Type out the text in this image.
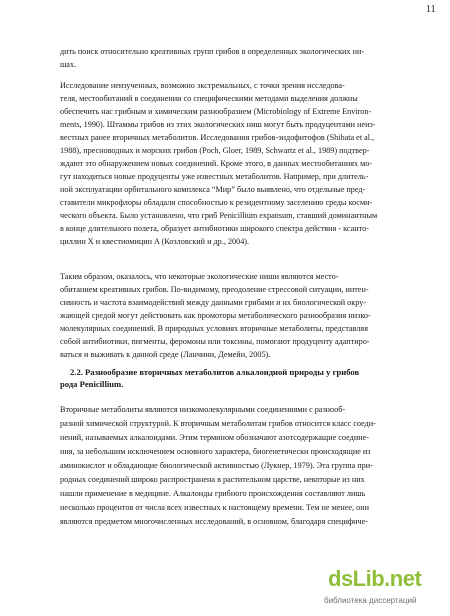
11
дить поиск относительно креативных групп грибов в определенных экологических ни-
шах.
Исследование неизученных, возможно экстремальных, с точки зрения исследова-
теля, местообитаний в соединении со специфическими методами выделения должны
обеспечить нас грибным и химическим разнообразием (Microbiology of Extreme Environ-
ments, 1990). Штаммы грибов из этих экологических ниш могут быть продуцентами неиз-
вестных ранее вторичных метаболитов. Исследования грибов-эндофитофов (Shibata et al.,
1988), пресноводных и морских грибов (Poch, Gloer, 1989, Schwartz et al., 1989) подтвер-
ждают это обнаружением новых соединений. Кроме этого, в данных местообитаниях мо-
гут находиться новые продуценты уже известных метаболитов. Например, при длитель-
ной эксплуатации орбитального комплекса “Мир” было выявлено, что отдельные пред-
ставители микрофлоры обладали способностью к резидентному заселению среды косми-
ческого объекта. Было установлено, что гриб Penicillium expansum, ставший доминантным
в конце длительного полета, образует антибиотики широкого спектра действия - ксанто-
циллин X и квестиомицин A (Козловский и др., 2004).
Таким образом, оказалось, что некоторые экологические ниши являются место-
обитанием креативных грибов. По-видимому, преодоление стрессовой ситуации, интен-
сивность и частота взаимодействий между данными грибами и их биологической окру-
жающей средой могут действовать как промоторы метаболического разнообразия низко-
молекулярных соединений. В природных условиях вторичные метаболиты, представляя
собой антибиотики, пигменты, феромоны или токсины, помогают продуценту адаптиро-
ваться и выживать к данной среде (Ланчини, Демейн, 2005).
Вторичные метаболиты являются низкомолекулярными соединениями с разнооб-
разной химической структурой. К вторичным метаболитам грибов относится класс соеди-
нений, называемых алкалоидами. Этим термином обозначают азотсодержащие соедине-
ния, за небольшим исключением основного характера, биогенетически происходящие из
аминокислот и обладающие биологической активностью (Лукнер, 1979). Эта группа при-
родных соединений широко распространена в растительном царстве, некоторые из них
нашли применение в медицине. Алкалоиды грибного происхождения составляют лишь
несколько процентов от числа всех известных к настоящему времени. Тем не менее, они
являются предметом многочисленных исследований, в основном, благодаря специфиче-
2.2. Разнообразие вторичных метаболитов алкалоидной природы у грибов
рода Penicillium.
dsLib.net
библиотека диссертаций
